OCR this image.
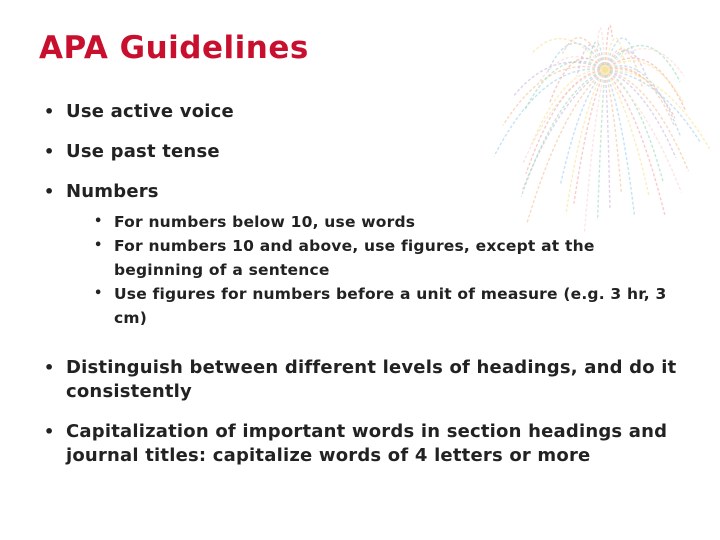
APA Guidelines
• Use active voice
• Use past tense
• Numbers
• For numbers below 10, use words
• For numbers 10 and above, use figures, except at the beginning of a sentence
• Use figures for numbers before a unit of measure (e.g. 3 hr, 3 cm)
• Distinguish between different levels of headings, and do it consistently
• Capitalization of important words in section headings and journal titles: capitalize words of 4 letters or more
